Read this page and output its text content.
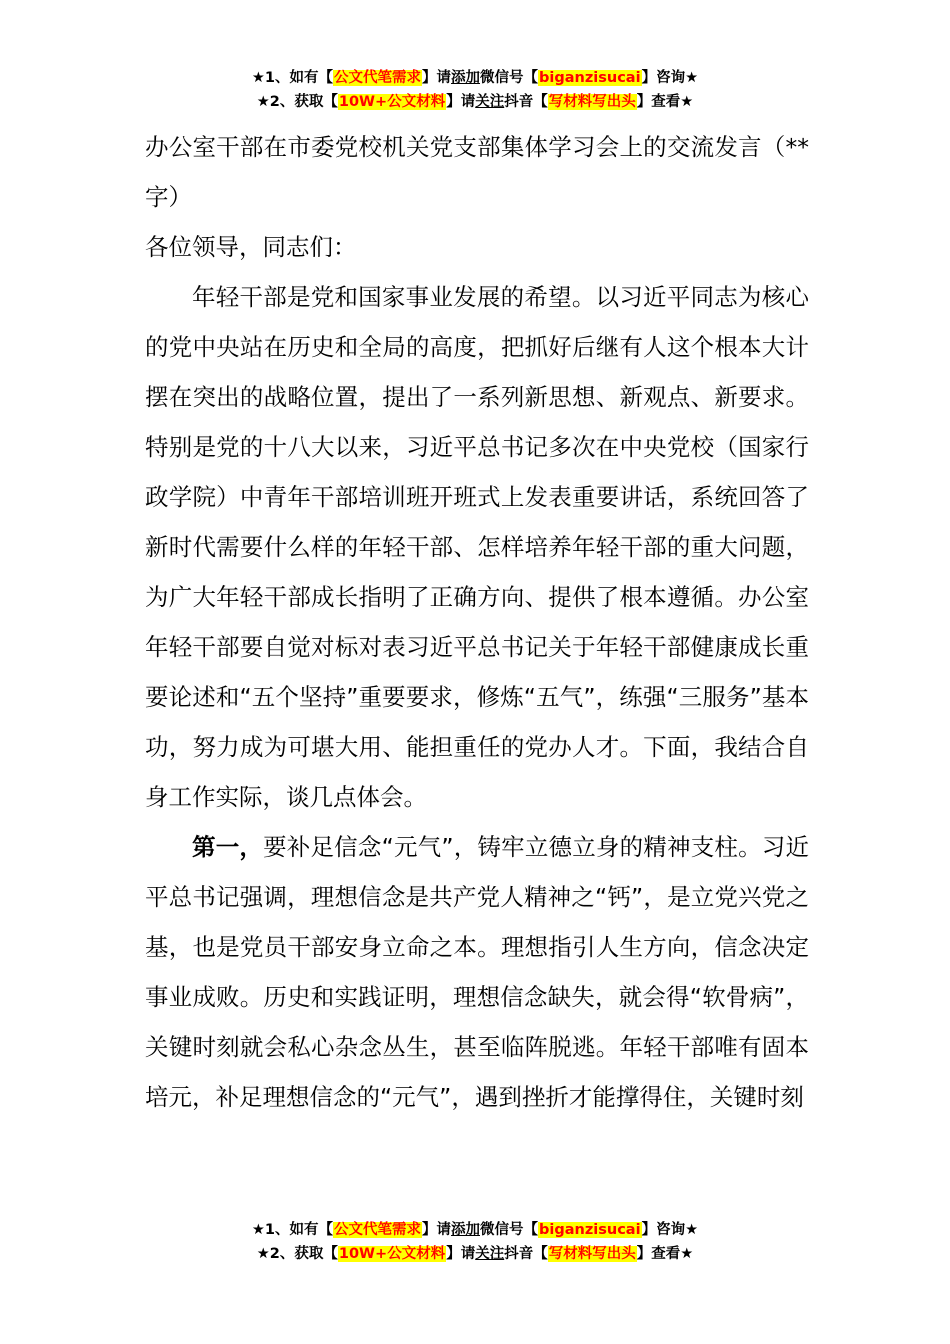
★1、如有【公文代笔需求】请添加微信号【biganzisucai】咨询★
★2、获取【10W+公文材料】请关注抖音【写材料写出头】查看★

办公室干部在市委党校机关党支部集体学习会上的交流发言（**字）

各位领导，同志们：

年轻干部是党和国家事业发展的希望。以习近平同志为核心的党中央站在历史和全局的高度，把抓好后继有人这个根本大计摆在突出的战略位置，提出了一系列新思想、新观点、新要求。特别是党的十八大以来，习近平总书记多次在中央党校（国家行政学院）中青年干部培训班开班式上发表重要讲话，系统回答了新时代需要什么样的年轻干部、怎样培养年轻干部的重大问题，为广大年轻干部成长指明了正确方向、提供了根本遵循。办公室年轻干部要自觉对标对表习近平总书记关于年轻干部健康成长重要论述和“五个坚持”重要要求，修炼“五气”，练强“三服务”基本功，努力成为可堪大用、能担重任的党办人才。下面，我结合自身工作实际，谈几点体会。

第一，要补足信念“元气”，铸牢立德立身的精神支柱。习近平总书记强调，理想信念是共产党人精神之“钙”，是立党兴党之基，也是党员干部安身立命之本。理想指引人生方向，信念决定事业成败。历史和实践证明，理想信念缺失，就会得“软骨病”，关键时刻就会私心杂念丛生，甚至临阵脱逃。年轻干部唯有固本培元，补足理想信念的“元气”，遇到挫折才能撑得住，关键时刻

★1、如有【公文代笔需求】请添加微信号【biganzisucai】咨询★
★2、获取【10W+公文材料】请关注抖音【写材料写出头】查看★
